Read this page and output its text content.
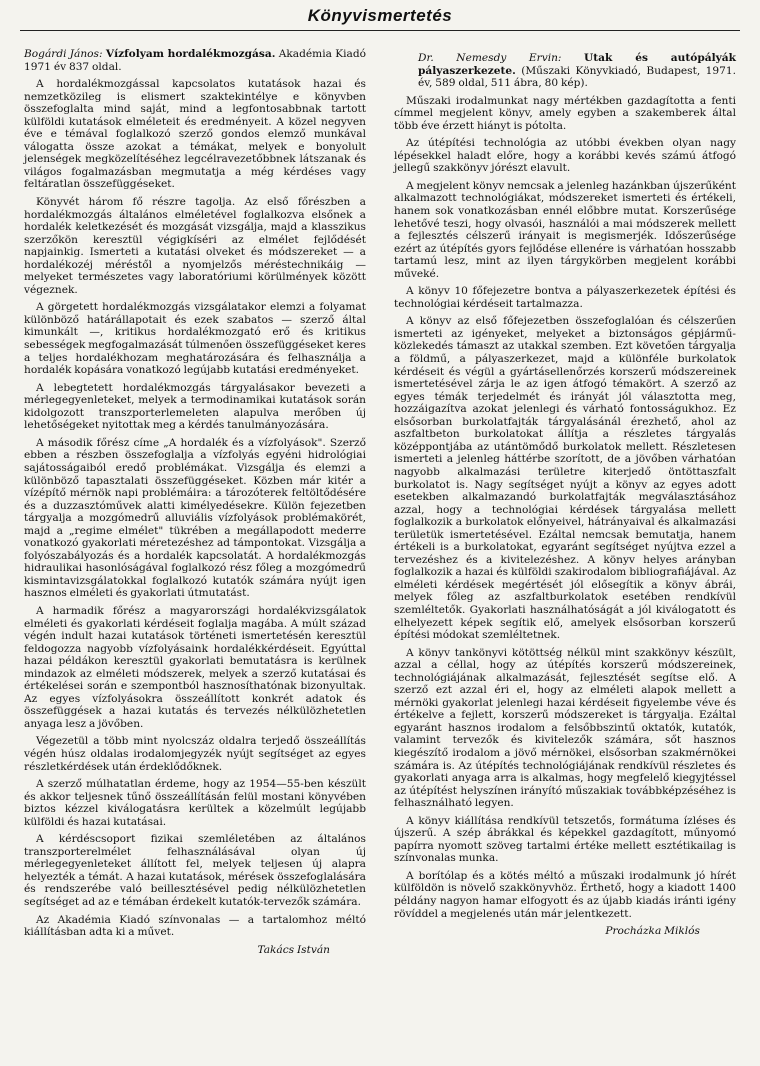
Könyvismertetés

Bogárdi János: Vízfolyam hordalékmozgása. Akadémia Kiadó 1971 év 837 oldal.

A hordalékmozgással kapcsolatos kutatások hazai és nemzetközileg is elismert szaktekintélye e könyvben összefoglalta mind saját, mind a legfontosabbnak tartott külföldi kutatások elméleteit és eredményeit. A közel negyven éve e témával foglalkozó szerző gondos elemző munkával válogatta össze azokat a témákat, melyek e bonyolult jelenségek megközelítéséhez legcélravezetőbbnek látszanak és világos fogalmazásban megmutatja a még kérdéses vagy feltáratlan összefüggéseket.

Könyvét három fő részre tagolja. Az első főrészben a hordalékmozgás általános elméletével foglalkozva elsőnek a hordalék keletkezését és mozgását vizsgálja, majd a klasszikus szerzőkön keresztül végigkíséri az elmélet fejlődését napjainkig. Ismerteti a kutatási olveket és módszereket — a hordalékozéj méréstől a nyomjelzős méréstechnikáig — melyeket természetes vagy laboratóriumi körülmények között végeznek.

A görgetett hordalékmozgás vizsgálatakor elemzi a folyamat különböző határállapotait és ezek szabatos — szerző által kimunkált —, kritikus hordalékmozgató erő és kritikus sebességek megfogalmazását túlmenően összefüggéseket keres a teljes hordalékhozam meghatározására és felhasználja a hordalék kopására vonatkozó legújabb kutatási eredményeket.

A lebegtetett hordalékmozgás tárgyalásakor bevezeti a mérlegegyenleteket, melyek a termodinamikai kutatások során kidolgozott transzporterlemeleten alapulva merőben új lehetőségeket nyitottak meg a kérdés tanulmányozására.

A második főrész címe „A hordalék és a vízfolyások". Szerző ebben a részben összefoglalja a vízfolyás egyéni hidrológiai sajátosságaiból eredő problémákat. Vizsgálja és elemzi a különböző tapasztalati összefüggéseket. Közben már kitér a vízépítő mérnök napi problémáira: a tározóterek feltöltődésére és a duzzasztóművek alatti kimélyedésekre. Külön fejezetben tárgyalja a mozgómedrű alluviális vízfolyások problémakörét, majd a „regime elmélet" tükrében a megállapodott mederre vonatkozó gyakorlati méretezéshez ad támpontokat. Vizsgálja a folyószabályozás és a hordalék kapcsolatát. A hordalékmozgás hidraulikai hasonlóságával foglalkozó rész főleg a mozgómedrű kismintavizsgálatokkal foglalkozó kutatók számára nyújt igen hasznos elméleti és gyakorlati útmutatást.

A harmadik főrész a magyarországi hordalékvizsgálatok elméleti és gyakorlati kérdéseit foglalja magába. A múlt század végén indult hazai kutatások történeti ismertetésén keresztül feldogozza nagyobb vízfolyásaink hordalékkérdéseit. Egyúttal hazai példákon keresztül gyakorlati bemutatásra is kerülnek mindazok az elméleti módszerek, melyek a szerző kutatásai és értékelései során e szempontból hasznosíthatónak bizonyultak. Az egyes vízfolyásokra összeállított konkrét adatok és összefüggések a hazai kutatás és tervezés nélkülözhetetlen anyaga lesz a jövőben.

Végezetül a több mint nyolcszáz oldalra terjedő összeállítás végén húsz oldalas irodalomjegyzék nyújt segítséget az egyes részletkérdések után érdeklődőknek.

A szerző múlhatatlan érdeme, hogy az 1954—55-ben készült és akkor teljesnek tűnő összeállításán felül mostani könyvében biztos kézzel kiválogatásra kerültek a közelmúlt legújabb külföldi és hazai kutatásai.

A kérdéscsoport fizikai szemléletében az általános transzporterelmélet felhasználásával olyan új mérlegegyenleteket állított fel, melyek teljesen új alapra helyezték a témát. A hazai kutatások, mérések összefoglalására és rendszerébe való beillesztésével pedig nélkülözhetetlen segítséget ad az e témában érdekelt kutatók-tervezők számára.

Az Akadémia Kiadó színvonalas — a tartalomhoz méltó kiállításban adta ki a művet.

Takács István

Dr. Nemesdy Ervin: Utak és autópályák pályaszerkezete. (Műszaki Könyvkiadó, Budapest, 1971. év, 589 oldal, 511 ábra, 80 kép).

Műszaki irodalmunkat nagy mértékben gazdagította a fenti címmel megjelent könyv, amely egyben a szakemberek által több éve érzett hiányt is pótolta.

Az útépítési technológia az utóbbi években olyan nagy lépésekkel haladt előre, hogy a korábbi kevés számú átfogó jellegű szakkönyv jórészt elavult.

A megjelent könyv nemcsak a jelenleg hazánkban újszerűként alkalmazott technológiákat, módszereket ismerteti és értékeli, hanem sok vonatkozásban ennél előbbre mutat. Korszerűsége lehetővé teszi, hogy olvasói, használói a mai módszerek mellett a fejlesztés célszerű irányait is megismerjék. Időszerűsége ezért az útépítés gyors fejlődése ellenére is várhatóan hosszabb tartamú lesz, mint az ilyen tárgykörben megjelent korábbi műveké.

A könyv 10 főfejezetre bontva a pályaszerkezetek építési és technológiai kérdéseit tartalmazza.

A könyv az első főfejezetben összefoglalóan és célszerűen ismerteti az igényeket, melyeket a biztonságos gépjármű-közlekedés támaszt az utakkal szemben. Ezt követően tárgyalja a földmű, a pályaszerkezet, majd a különféle burkolatok kérdéseit és végül a gyártásellenőrzés korszerű módszereinek ismertetésével zárja le az igen átfogó témakört. A szerző az egyes témák terjedelmét és irányát jól választotta meg, hozzáigazítva azokat jelenlegi és várható fontosságukhoz. Ez elsősorban burkolatfajták tárgyalásánál érezhető, ahol az aszfaltbeton burkolatokat állítja a részletes tárgyalás középpontjába az utántömődő burkolatok mellett. Részletesen ismerteti a jelenleg háttérbe szorított, de a jövőben várhatóan nagyobb alkalmazási területre kiterjedő öntöttaszfalt burkolatot is. Nagy segítséget nyújt a könyv az egyes adott esetekben alkalmazandó burkolatfajták megválasztásához azzal, hogy a technológiai kérdések tárgyalása mellett foglalkozik a burkolatok előnyeivel, hátrányaival és alkalmazási területük ismertetésével. Ezáltal nemcsak bemutatja, hanem értékeli is a burkolatokat, egyaránt segítséget nyújtva ezzel a tervezéshez és a kivitelezéshez. A könyv helyes arányban foglalkozik a hazai és külföldi szakirodalom bibliografiájával. Az elméleti kérdések megértését jól elősegítik a könyv ábrái, melyek főleg az aszfaltburkolatok esetében rendkívül szemléltetők. Gyakorlati használhatóságát a jól kiválogatott és elhelyezett képek segítik elő, amelyek elsősorban korszerű építési módokat szemléltetnek.

A könyv tankönyvi kötöttség nélkül mint szakkönyv készült, azzal a céllal, hogy az útépítés korszerű módszereinek, technológiájának alkalmazását, fejlesztését segítse elő. A szerző ezt azzal éri el, hogy az elméleti alapok mellett a mérnöki gyakorlat jelenlegi hazai kérdéseit figyelembe véve és értékelve a fejlett, korszerű módszereket is tárgyalja. Ezáltal egyaránt hasznos irodalom a felsőbbszintű oktatók, kutatók, valamint tervezők és kivitelezők számára, sőt hasznos kiegészítő irodalom a jövő mérnökei, elsősorban szakmérnökei számára is. Az útépítés technológiájának rendkívül részletes és gyakorlati anyaga arra is alkalmas, hogy megfelelő kiegyjtéssel az útépítést helyszínen irányító műszakiak továbbképzéséhez is felhasználható legyen.

A könyv kiállítása rendkívül tetszetős, formátuma ízléses és újszerű. A szép ábrákkal és képekkel gazdagított, műnyomó papírra nyomott szöveg tartalmi értéke mellett esztétikailag is színvonalas munka.

A borítólap és a kötés méltó a műszaki irodalmunk jó hírét külföldön is növelő szakkönyvhöz. Érthető, hogy a kiadott 1400 példány nagyon hamar elfogyott és az újabb kiadás iránti igény rövíddel a megjelenés után már jelentkezett.

Procházka Miklós
